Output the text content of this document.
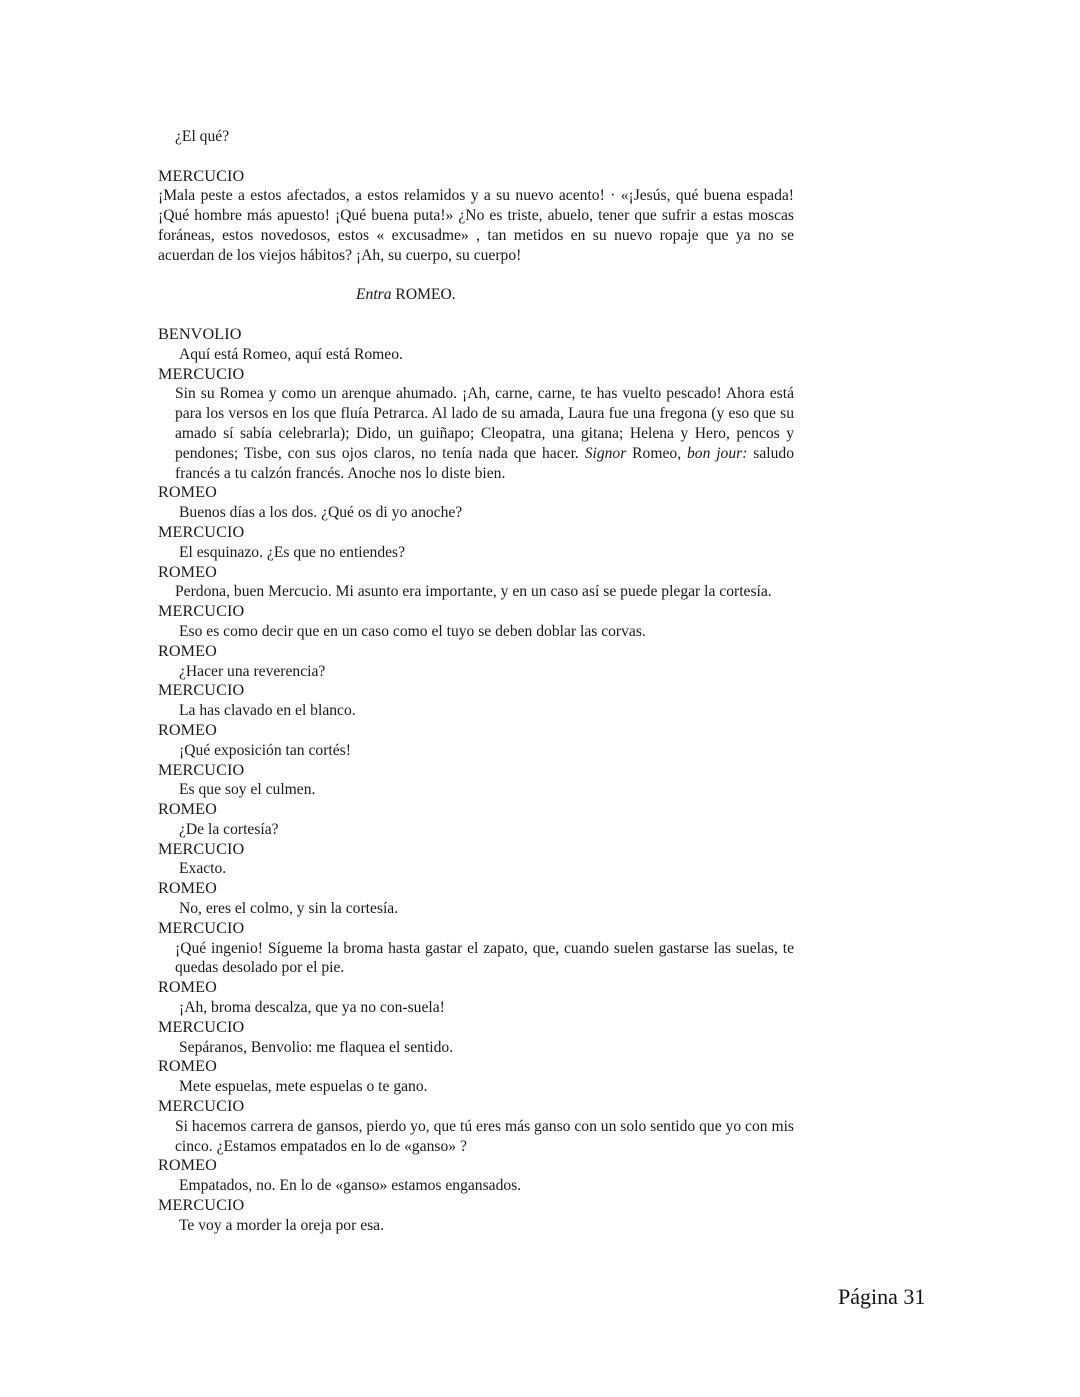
¿El qué?

MERCUCIO

¡Mala peste a estos afectados, a estos relamidos y a su nuevo acento! · «¡Jesús, qué buena espada! ¡Qué hombre más apuesto! ¡Qué buena puta!» ¿No es triste, abuelo, tener que sufrir a estas moscas foráneas, estos novedosos, estos « excusadme» , tan metidos en su nuevo ropaje que ya no se acuerdan de los viejos hábitos? ¡Ah, su cuerpo, su cuerpo!

Entra ROMEO.

BENVOLIO

Aquí está Romeo, aquí está Romeo.

MERCUCIO

Sin su Romea y como un arenque ahumado. ¡Ah, carne, carne, te has vuelto pescado! Ahora está para los versos en los que fluía Petrarca. Al lado de su amada, Laura fue una fregona (y eso que su amado sí sabía celebrarla); Dido, un guiñapo; Cleopatra, una gitana; Helena y Hero, pencos y pendones; Tisbe, con sus ojos claros, no tenía nada que hacer. Signor Romeo, bon jour: saludo francés a tu calzón francés. Anoche nos lo diste bien.

ROMEO

Buenos días a los dos. ¿Qué os di yo anoche?

MERCUCIO

El esquinazo. ¿Es que no entiendes?

ROMEO

Perdona, buen Mercucio. Mi asunto era importante, y en un caso así se puede plegar la cortesía.

MERCUCIO

Eso es como decir que en un caso como el tuyo se deben doblar las corvas.

ROMEO

¿Hacer una reverencia?

MERCUCIO

La has clavado en el blanco.

ROMEO

¡Qué exposición tan cortés!

MERCUCIO

Es que soy el culmen.

ROMEO

¿De la cortesía?

MERCUCIO

Exacto.

ROMEO

No, eres el colmo, y sin la cortesía.

MERCUCIO

¡Qué ingenio! Sígueme la broma hasta gastar el zapato, que, cuando suelen gastarse las suelas, te quedas desolado por el pie.

ROMEO

¡Ah, broma descalza, que ya no con-suela!

MERCUCIO

Sepáranos, Benvolio: me flaquea el sentido.

ROMEO

Mete espuelas, mete espuelas o te gano.

MERCUCIO

Si hacemos carrera de gansos, pierdo yo, que tú eres más ganso con un solo sentido que yo con mis cinco. ¿Estamos empatados en lo de «ganso» ?

ROMEO

Empatados, no. En lo de «ganso» estamos engansados.

MERCUCIO

Te voy a morder la oreja por esa.

Página 31
